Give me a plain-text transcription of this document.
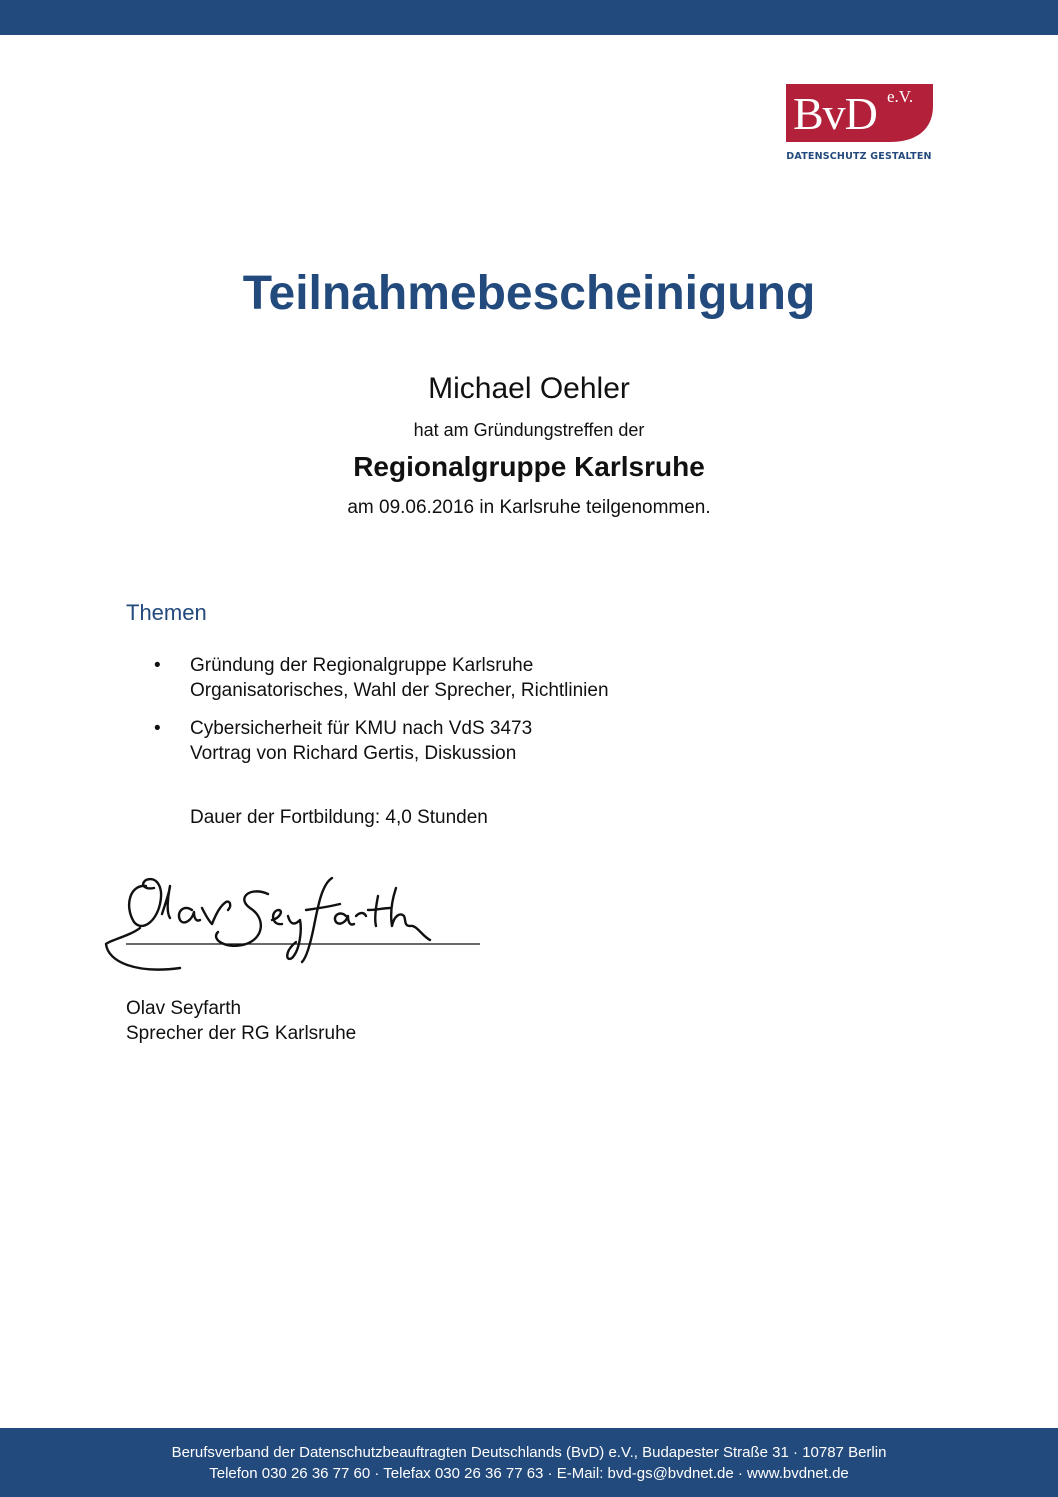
BvD e.V.
DATENSCHUTZ GESTALTEN
Teilnahmebescheinigung
Michael Oehler
hat am Gründungstreffen der
Regionalgruppe Karlsruhe
am 09.06.2016 in Karlsruhe teilgenommen.
Themen
• Gründung der Regionalgruppe Karlsruhe
Organisatorisches, Wahl der Sprecher, Richtlinien
• Cybersicherheit für KMU nach VdS 3473
Vortrag von Richard Gertis, Diskussion
Dauer der Fortbildung: 4,0 Stunden
Olav Seyfarth
Sprecher der RG Karlsruhe
Berufsverband der Datenschutzbeauftragten Deutschlands (BvD) e.V., Budapester Straße 31 · 10787 Berlin
Telefon 030 26 36 77 60 · Telefax 030 26 36 77 63 · E-Mail: bvd-gs@bvdnet.de · www.bvdnet.de
